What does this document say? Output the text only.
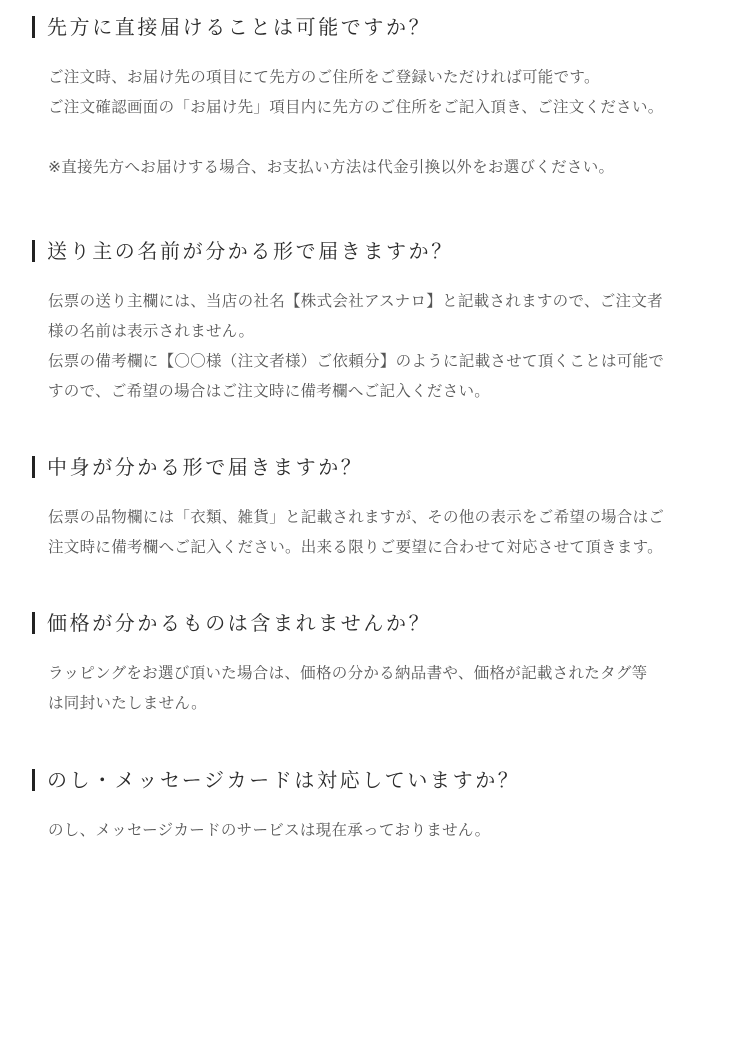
先方に直接届けることは可能ですか？

ご注文時、お届け先の項目にて先方のご住所をご登録いただければ可能です。

ご注文確認画面の「お届け先」項目内に先方のご住所をご記入頂き、ご注文ください。

※直接先方へお届けする場合、お支払い方法は代金引換以外をお選びください。

送り主の名前が分かる形で届きますか？

伝票の送り主欄には、当店の社名【株式会社アスナロ】と記載されますので、ご注文者

様の名前は表示されません。

伝票の備考欄に【〇〇様（注文者様）ご依頼分】のように記載させて頂くことは可能で

すので、ご希望の場合はご注文時に備考欄へご記入ください。

中身が分かる形で届きますか？

伝票の品物欄には「衣類、雑貨」と記載されますが、その他の表示をご希望の場合はご

注文時に備考欄へご記入ください。出来る限りご要望に合わせて対応させて頂きます。

価格が分かるものは含まれませんか？

ラッピングをお選び頂いた場合は、価格の分かる納品書や、価格が記載されたタグ等

は同封いたしません。

のし・メッセージカードは対応していますか？

のし、メッセージカードのサービスは現在承っておりません。
